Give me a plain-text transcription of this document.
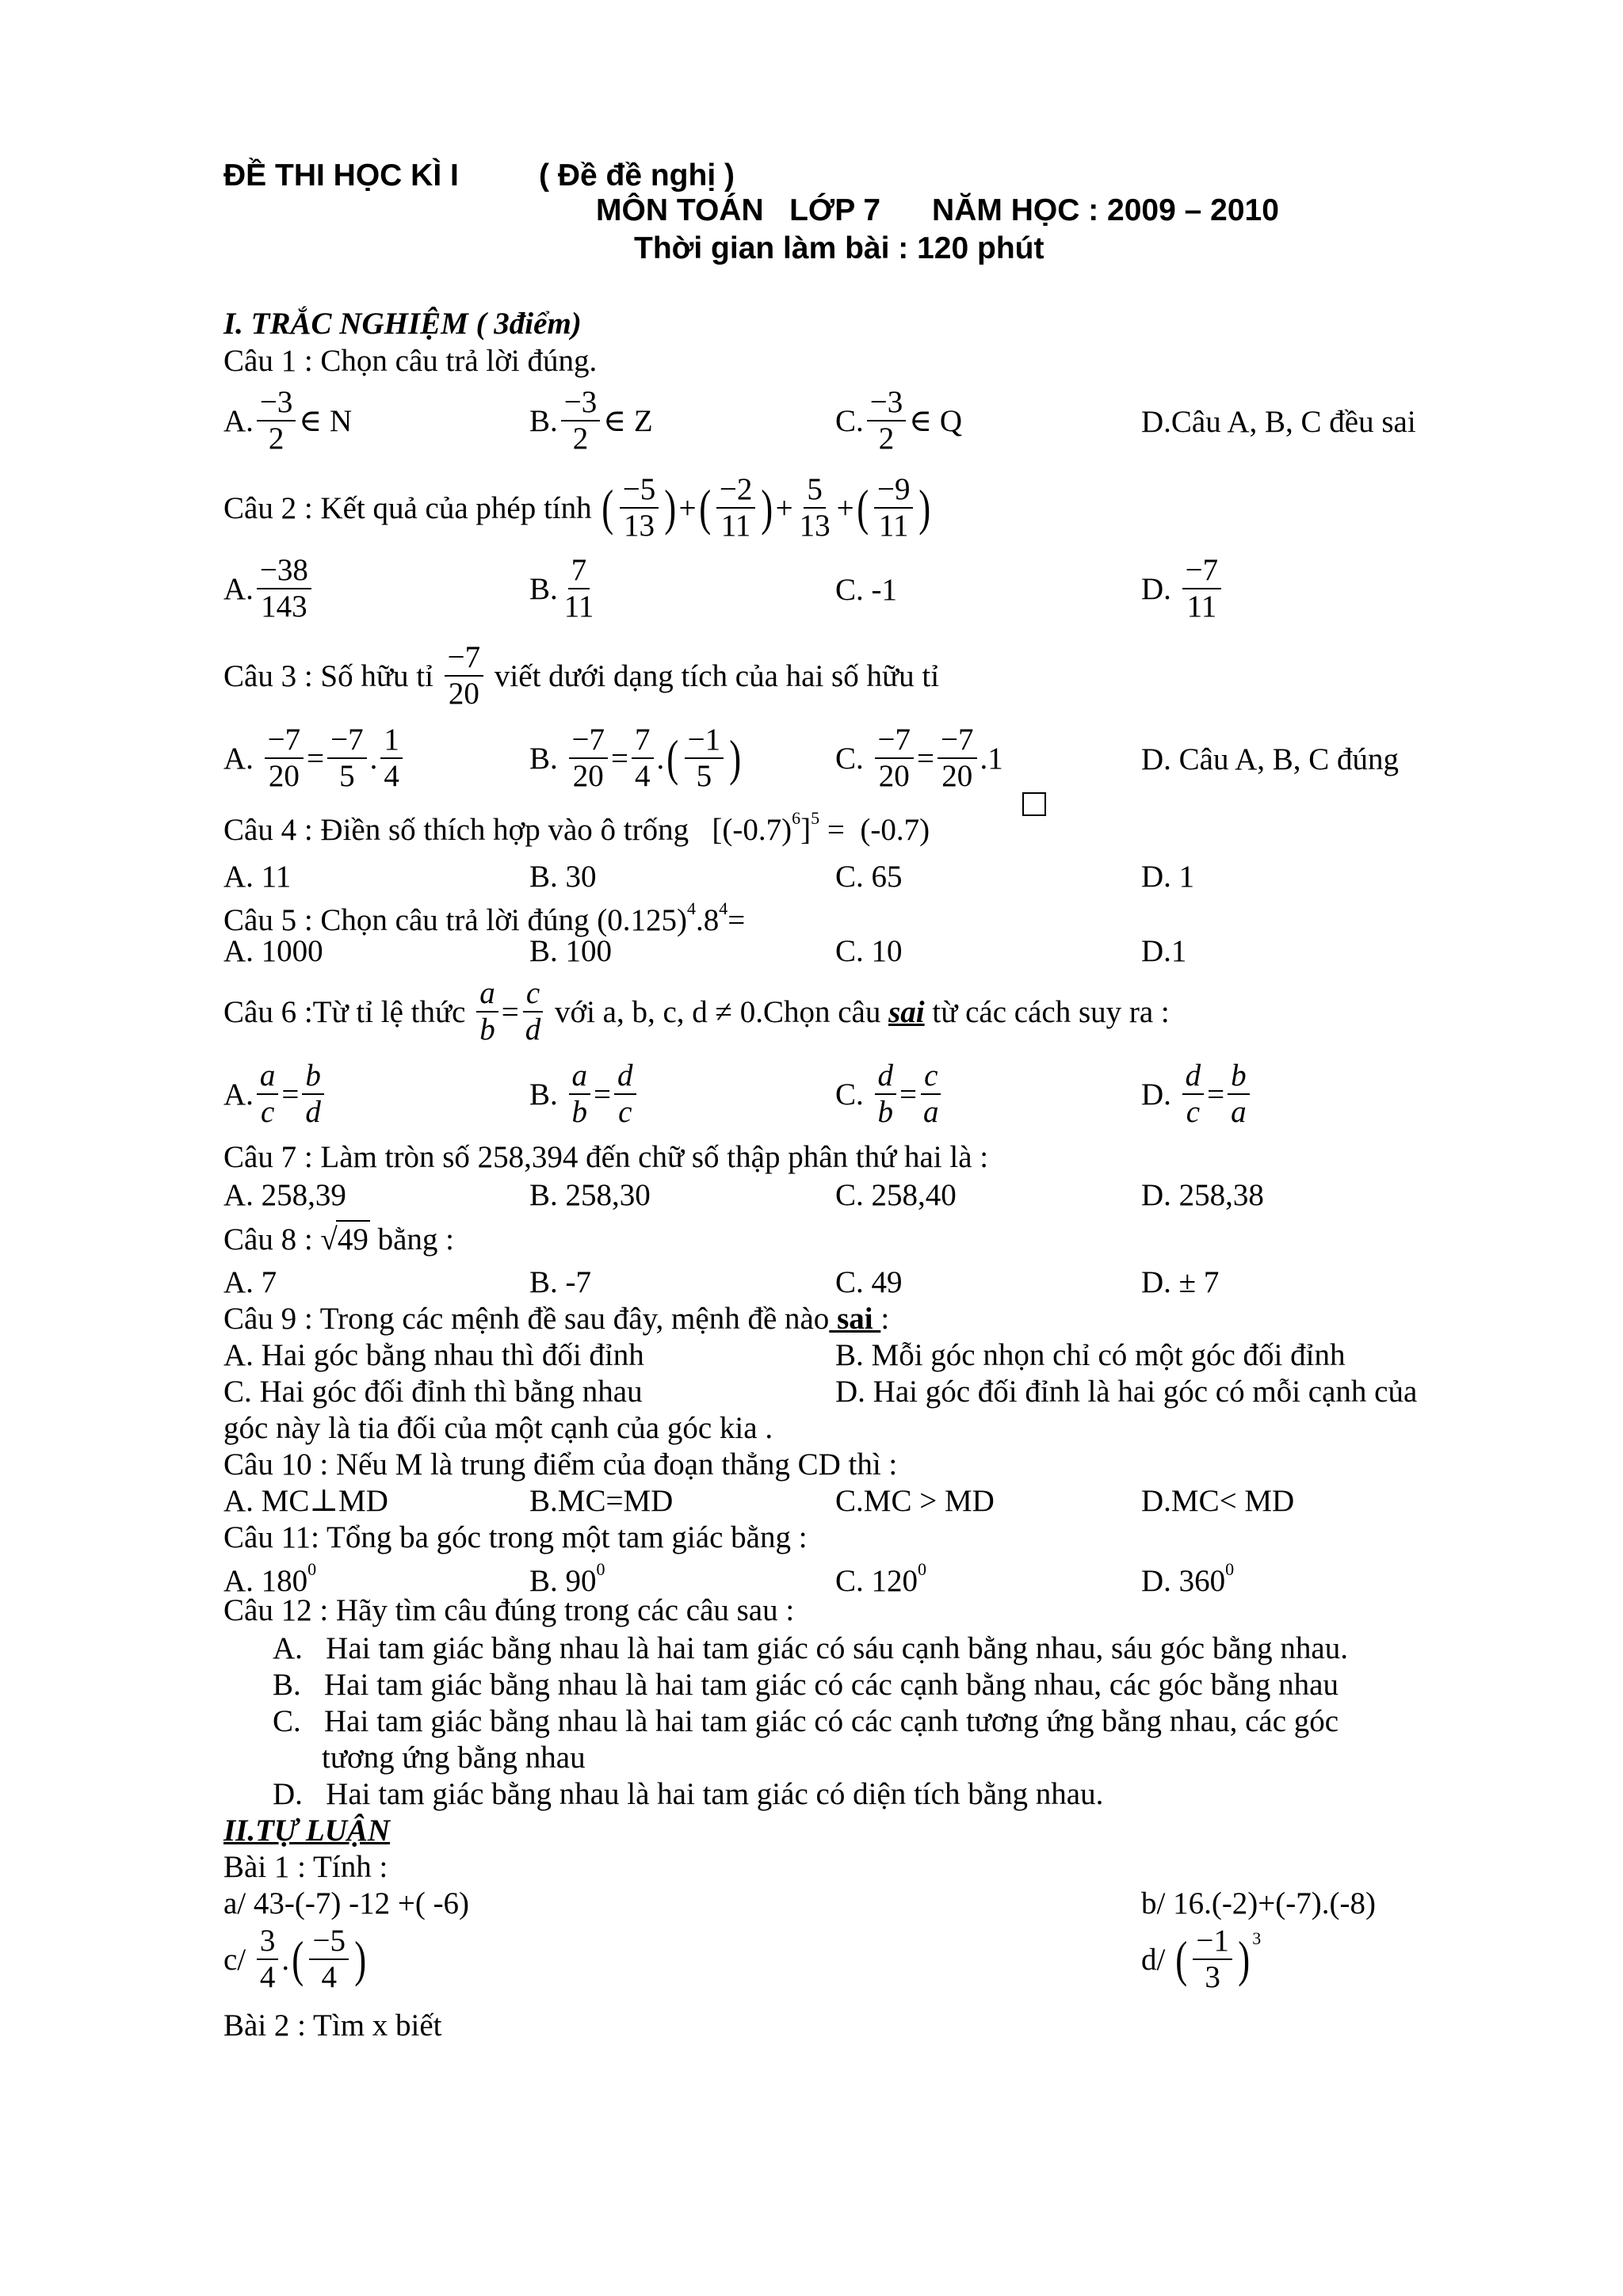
ĐỀ THI HỌC KÌ I	( Đề đề nghị )
MÔN TOÁN   LỚP 7      NĂM HỌC : 2009 – 2010
Thời gian làm bài : 120 phút
I. TRẮC NGHIỆM ( 3điểm)
Câu 1 : Chọn câu trả lời đúng.
A. $\frac{-3}{2}$ ∈ N	B. $\frac{-3}{2}$ ∈ Z	C. $\frac{-3}{2}$ ∈ Q	D.Câu A, B, C đều sai
Câu 2 : Kết quả của phép tính
( $\frac{-5}{13}$ ) + ( $\frac{-2}{11}$ ) + $\frac{5}{13}$ + ( $\frac{-9}{11}$ )
A. $\frac{-38}{143}$	B. $\frac{7}{11}$	C. -1	D.
$\frac{-7}{11}$
Câu 3 : Số hữu tỉ
$\frac{-7}{20}$
viết dưới dạng tích của hai số hữu tỉ
A.
$\frac{-7}{20} = \frac{-7}{5}$ . $\frac{1}{4}$	B.
$\frac{-7}{20} = \frac{7}{4}$ . ( $\frac{-1}{5}$ )	C.
$\frac{-7}{20} = \frac{-7}{20} .1$	D. Câu A, B, C đúng
Câu 4 : Điền số thích hợp vào ô trống $[(-0.7)^6]^5 = (-0.7)$
A. 11	B. 30	C. 65	D. 1
Câu 5 : Chọn câu trả lời đúng $(0.125)^4.8^4=$
A. 1000	B. 100	C. 10	D.1
Câu 6 :Từ tỉ lệ thức
$\frac{a}{b} = \frac{c}{d}$
với a, b, c, d ≠ 0.Chọn câu
sai
từ các cách suy ra :
A. $\frac{a}{c} = \frac{b}{d}$	B.
$\frac{a}{b} = \frac{d}{c}$	C.
$\frac{d}{b} = \frac{c}{a}$	D.
$\frac{d}{c} = \frac{b}{a}$
Câu 7 : Làm tròn số 258,394 đến chữ số thập phân thứ hai là :
A. 258,39	B. 258,30	C. 258,40	D. 258,38
Câu 8 : √49 bằng :
A. 7	B. -7	C. 49	D. ± 7
Câu 9 : Trong các mệnh đề sau đây, mệnh đề nào sai :
A. Hai góc bằng nhau thì đối đỉnh	B. Mỗi góc nhọn chỉ có một góc đối đỉnh
C. Hai góc đối đỉnh thì bằng nhau	D. Hai góc đối đỉnh là hai góc có mỗi cạnh của
góc này là tia đối của một cạnh của góc kia .
Câu 10 : Nếu M là trung điểm của đoạn thẳng CD thì :
A. MC⊥MD	B.MC=MD	C.MC > MD	D.MC< MD
Câu 11: Tổng ba góc trong một tam giác bằng :
A. $180^0$	B. $90^0$	C. $120^0$	D. $360^0$
Câu 12 : Hãy tìm câu đúng trong các câu sau :
A.   Hai tam giác bằng nhau là hai tam giác có sáu cạnh bằng nhau, sáu góc bằng nhau.
B.   Hai tam giác bằng nhau là hai tam giác có các cạnh bằng nhau, các góc bằng nhau
C.   Hai tam giác bằng nhau là hai tam giác có các cạnh tương ứng bằng nhau, các góc
tương ứng bằng nhau
D.   Hai tam giác bằng nhau là hai tam giác có diện tích bằng nhau.
II.TỰ LUẬN
Bài 1 : Tính :
a/ 43-(-7) -12 +( -6)	b/ 16.(-2)+(-7).(-8)
c/
$\frac{3}{4}$ . ( $\frac{-5}{4}$ )	d/
( $\frac{-1}{3} )^3$
Bài 2 : Tìm x biết
